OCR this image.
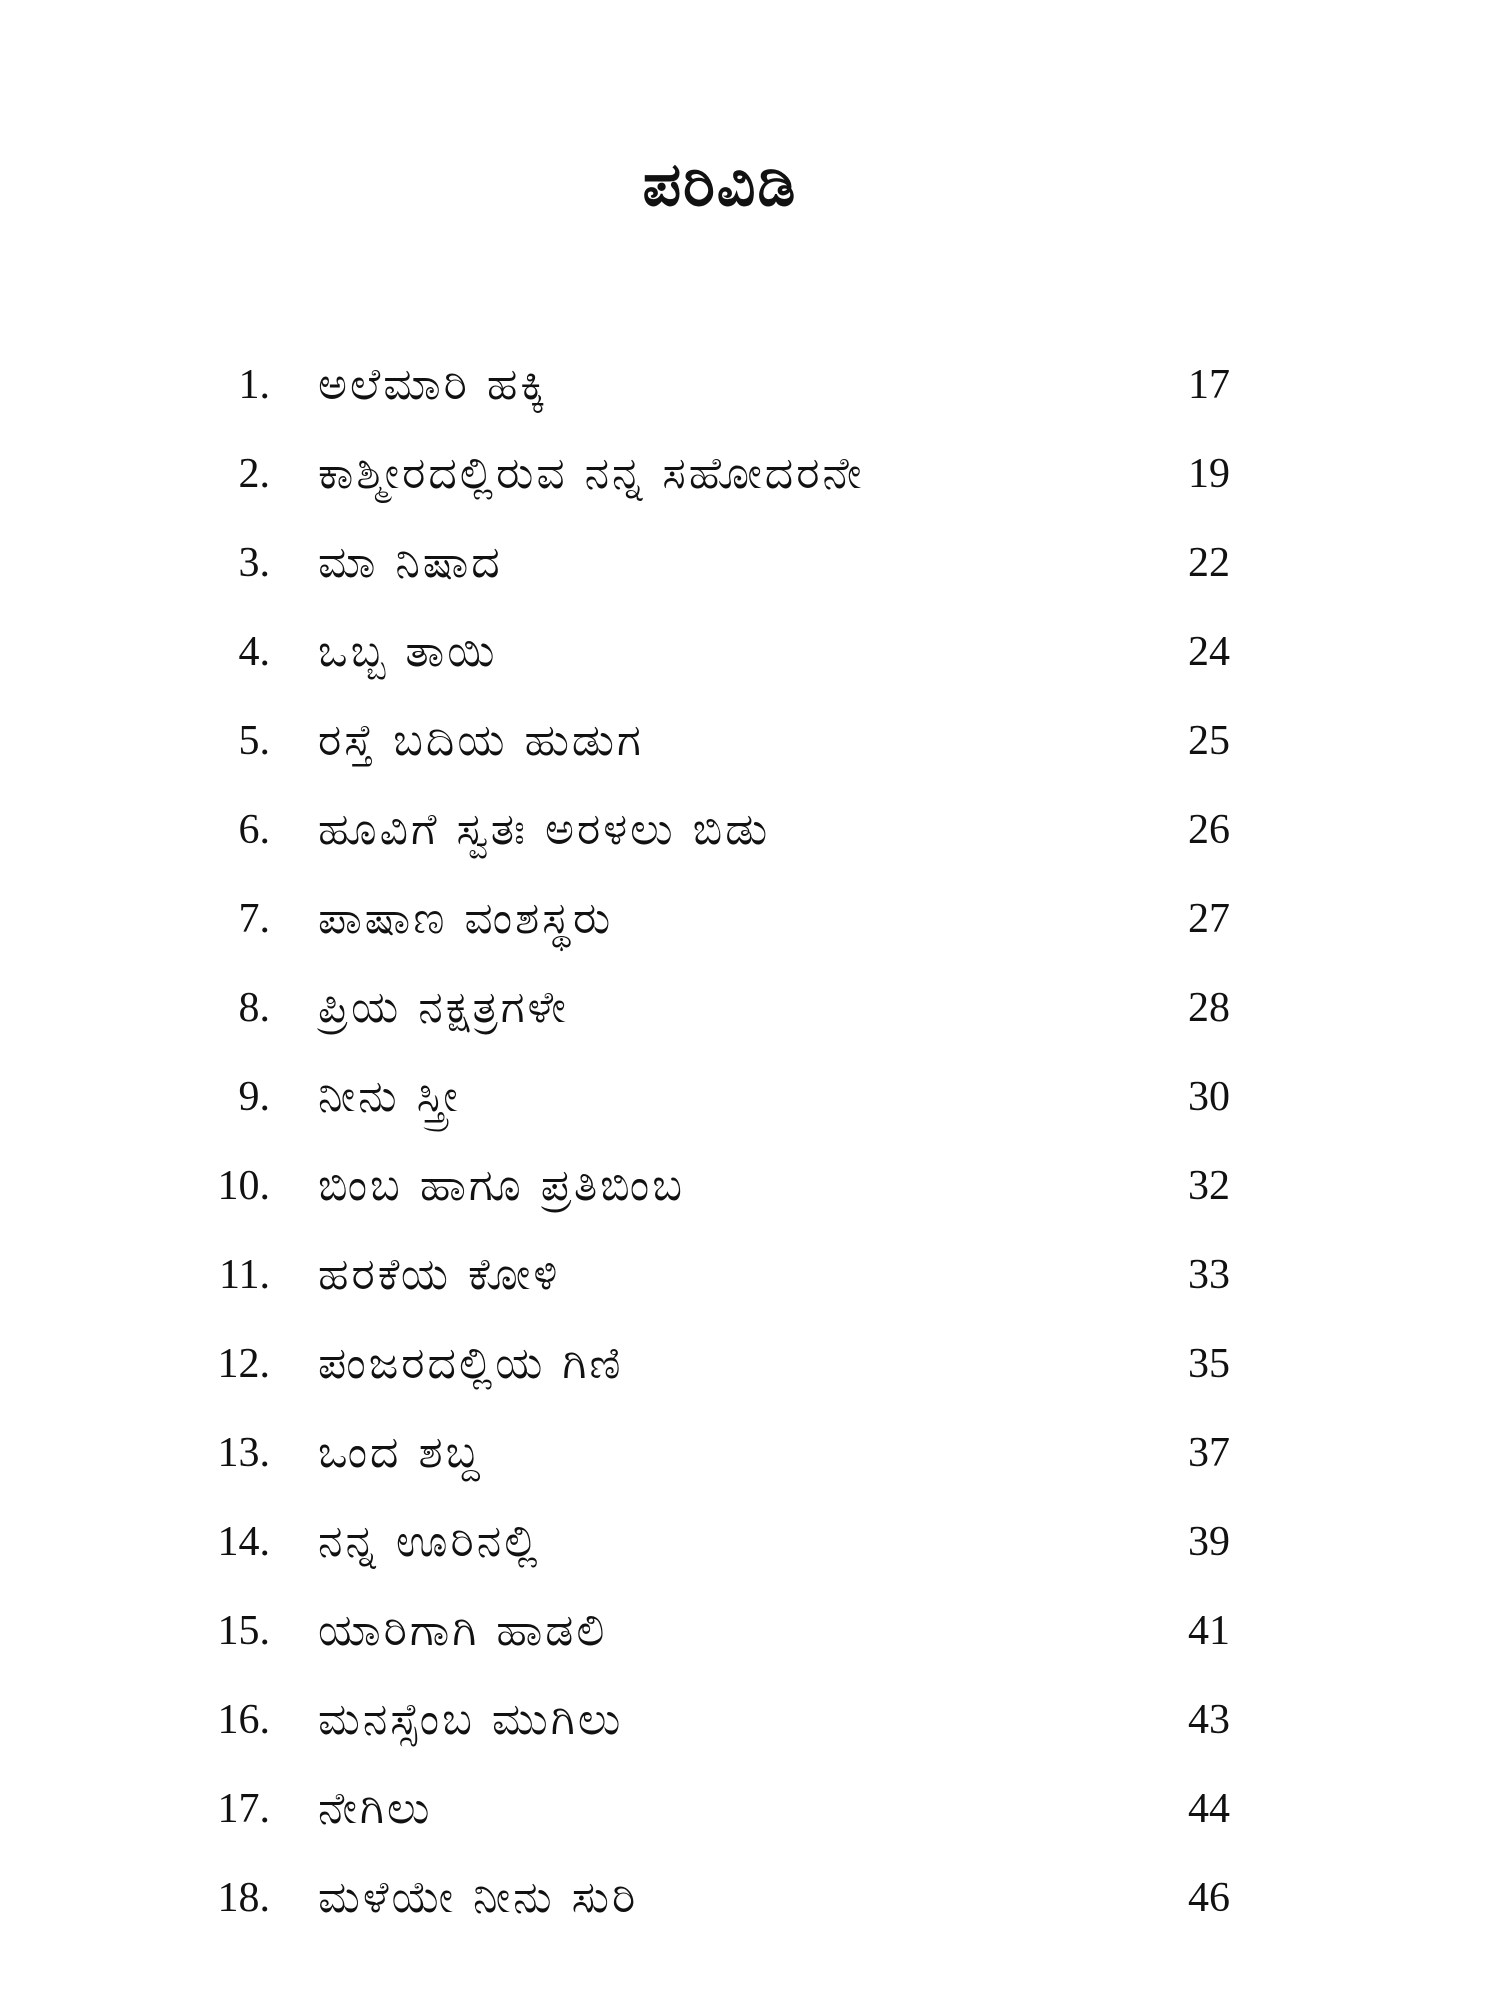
ಪರಿವಿಡಿ
1.	ಅಲೆಮಾರಿ ಹಕ್ಕಿ	17
2.	ಕಾಶ್ಮೀರದಲ್ಲಿರುವ ನನ್ನ ಸಹೋದರನೇ	19
3.	ಮಾ ನಿಷಾದ	22
4.	ಒಬ್ಬ ತಾಯಿ	24
5.	ರಸ್ತೆ ಬದಿಯ ಹುಡುಗ	25
6.	ಹೂವಿಗೆ ಸ್ವತಃ ಅರಳಲು ಬಿಡು	26
7.	ಪಾಷಾಣ ವಂಶಸ್ಥರು	27
8.	ಪ್ರಿಯ ನಕ್ಷತ್ರಗಳೇ	28
9.	ನೀನು ಸ್ತ್ರೀ	30
10.	ಬಿಂಬ ಹಾಗೂ ಪ್ರತಿಬಿಂಬ	32
11.	ಹರಕೆಯ ಕೋಳಿ	33
12.	ಪಂಜರದಲ್ಲಿಯ ಗಿಣಿ	35
13.	ಒಂದ ಶಬ್ದ	37
14.	ನನ್ನ ಊರಿನಲ್ಲಿ	39
15.	ಯಾರಿಗಾಗಿ ಹಾಡಲಿ	41
16.	ಮನಸ್ಸೆಂಬ ಮುಗಿಲು	43
17.	ನೇಗಿಲು	44
18.	ಮಳೆಯೇ ನೀನು ಸುರಿ	46
